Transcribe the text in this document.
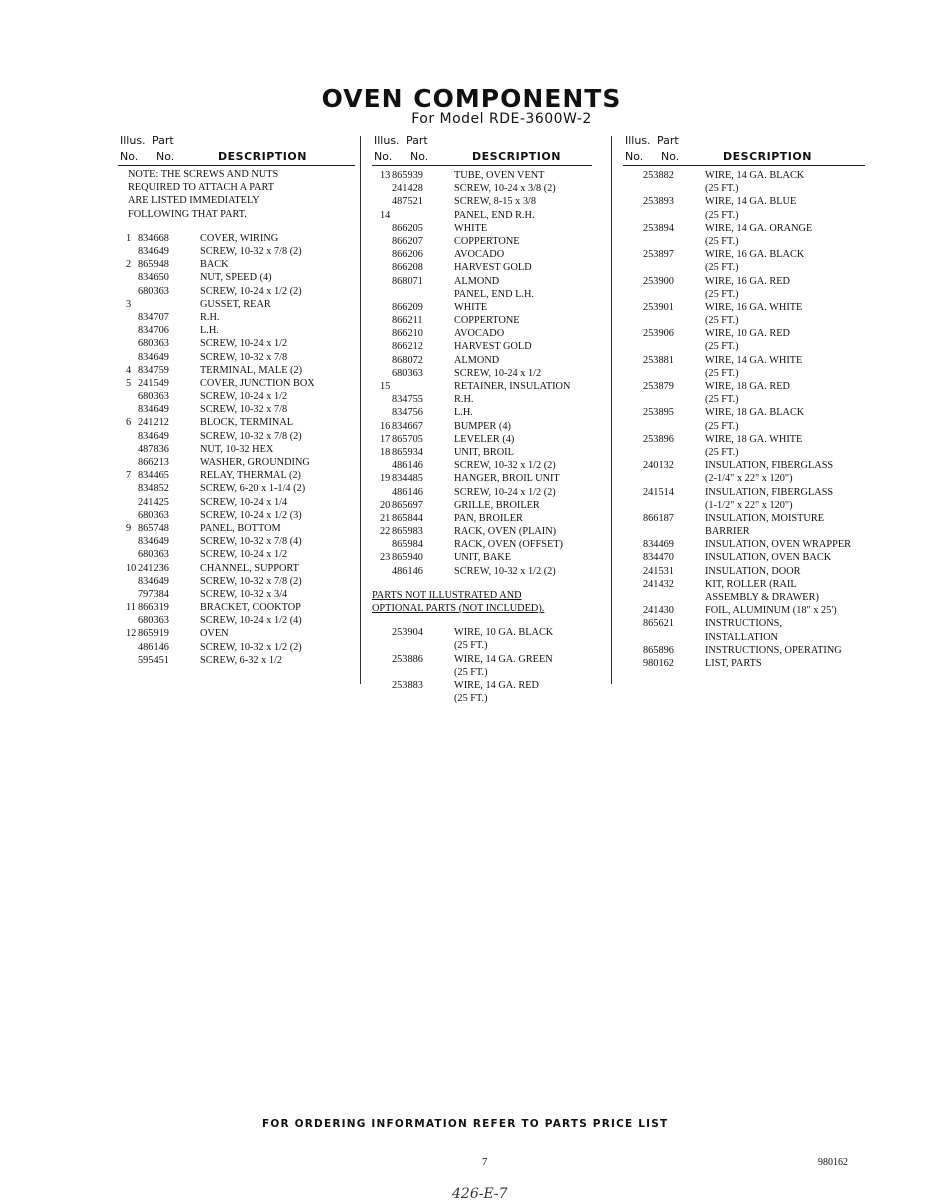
OVEN COMPONENTS
For Model RDE-3600W-2
Illus. Part
No. No.	DESCRIPTION
NOTE: THE SCREWS AND NUTS
REQUIRED TO ATTACH A PART
ARE LISTED IMMEDIATELY
FOLLOWING THAT PART.
1 834668	COVER, WIRING
834649	SCREW, 10-32 x 7/8 (2)
2 865948	BACK
834650	NUT, SPEED (4)
680363	SCREW, 10-24 x 1/2 (2)
3	GUSSET, REAR
834707	R.H.
834706	L.H.
680363	SCREW, 10-24 x 1/2
834649	SCREW, 10-32 x 7/8
4 834759	TERMINAL, MALE (2)
5 241549	COVER, JUNCTION BOX
680363	SCREW, 10-24 x 1/2
834649	SCREW, 10-32 x 7/8
6 241212	BLOCK, TERMINAL
834649	SCREW, 10-32 x 7/8 (2)
487836	NUT, 10-32 HEX
866213	WASHER, GROUNDING
7 834465	RELAY, THERMAL (2)
834852	SCREW, 6-20 x 1-1/4 (2)
241425	SCREW, 10-24 x 1/4
680363	SCREW, 10-24 x 1/2 (3)
9 865748	PANEL, BOTTOM
834649	SCREW, 10-32 x 7/8 (4)
680363	SCREW, 10-24 x 1/2
10 241236	CHANNEL, SUPPORT
834649	SCREW, 10-32 x 7/8 (2)
797384	SCREW, 10-32 x 3/4
11 866319	BRACKET, COOKTOP
680363	SCREW, 10-24 x 1/2 (4)
12 865919	OVEN
486146	SCREW, 10-32 x 1/2 (2)
595451	SCREW, 6-32 x 1/2
Illus. Part
No. No.	DESCRIPTION
13 865939	TUBE, OVEN VENT
241428	SCREW, 10-24 x 3/8 (2)
487521	SCREW, 8-15 x 3/8
14	PANEL, END R.H.
866205	WHITE
866207	COPPERTONE
866206	AVOCADO
866208	HARVEST GOLD
868071	ALMOND
PANEL, END L.H.
866209	WHITE
866211	COPPERTONE
866210	AVOCADO
866212	HARVEST GOLD
868072	ALMOND
680363	SCREW, 10-24 x 1/2
15	RETAINER, INSULATION
834755	R.H.
834756	L.H.
16 834667	BUMPER (4)
17 865705	LEVELER (4)
18 865934	UNIT, BROIL
486146	SCREW, 10-32 x 1/2 (2)
19 834485	HANGER, BROIL UNIT
486146	SCREW, 10-24 x 1/2 (2)
20 865697	GRILLE, BROILER
21 865844	PAN, BROILER
22 865983	RACK, OVEN (PLAIN)
865984	RACK, OVEN (OFFSET)
23 865940	UNIT, BAKE
486146	SCREW, 10-32 x 1/2 (2)
PARTS NOT ILLUSTRATED AND
OPTIONAL PARTS (NOT INCLUDED).
253904	WIRE, 10 GA. BLACK
(25 FT.)
253886	WIRE, 14 GA. GREEN
(25 FT.)
253883	WIRE, 14 GA. RED
(25 FT.)
Illus. Part
No. No.	DESCRIPTION
253882	WIRE, 14 GA. BLACK
(25 FT.)
253893	WIRE, 14 GA. BLUE
(25 FT.)
253894	WIRE, 14 GA. ORANGE
(25 FT.)
253897	WIRE, 16 GA. BLACK
(25 FT.)
253900	WIRE, 16 GA. RED
(25 FT.)
253901	WIRE, 16 GA. WHITE
(25 FT.)
253906	WIRE, 10 GA. RED
(25 FT.)
253881	WIRE, 14 GA. WHITE
(25 FT.)
253879	WIRE, 18 GA. RED
(25 FT.)
253895	WIRE, 18 GA. BLACK
(25 FT.)
253896	WIRE, 18 GA. WHITE
(25 FT.)
240132	INSULATION, FIBERGLASS
(2-1/4" x 22" x 120")
241514	INSULATION, FIBERGLASS
(1-1/2" x 22" x 120")
866187	INSULATION, MOISTURE
BARRIER
834469	INSULATION, OVEN WRAPPER
834470	INSULATION, OVEN BACK
241531	INSULATION, DOOR
241432	KIT, ROLLER (RAIL
ASSEMBLY & DRAWER)
241430	FOIL, ALUMINUM (18" x 25')
865621	INSTRUCTIONS,
INSTALLATION
865896	INSTRUCTIONS, OPERATING
980162	LIST, PARTS
FOR ORDERING INFORMATION REFER TO PARTS PRICE LIST
7	980162
426-E-7
